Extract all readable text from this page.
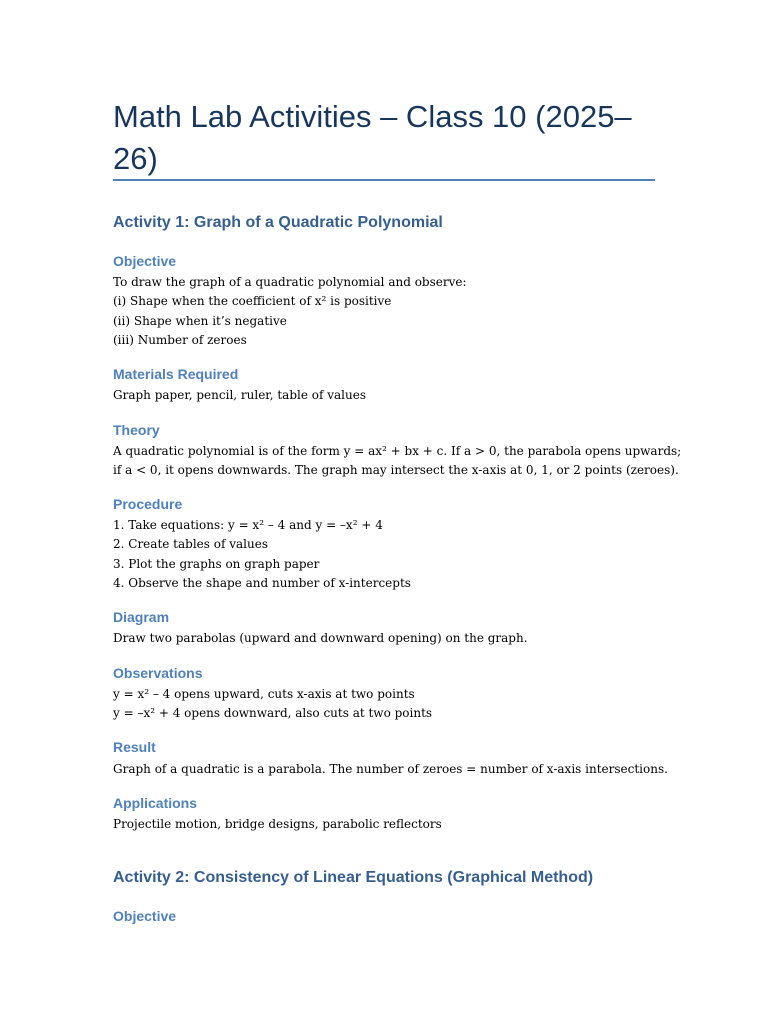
Math Lab Activities – Class 10 (2025–26)
Activity 1: Graph of a Quadratic Polynomial
Objective
To draw the graph of a quadratic polynomial and observe:
(i) Shape when the coefficient of x² is positive
(ii) Shape when it’s negative
(iii) Number of zeroes
Materials Required
Graph paper, pencil, ruler, table of values
Theory
A quadratic polynomial is of the form y = ax² + bx + c. If a > 0, the parabola opens upwards;
if a < 0, it opens downwards. The graph may intersect the x-axis at 0, 1, or 2 points (zeroes).
Procedure
1. Take equations: y = x² – 4 and y = –x² + 4
2. Create tables of values
3. Plot the graphs on graph paper
4. Observe the shape and number of x-intercepts
Diagram
Draw two parabolas (upward and downward opening) on the graph.
Observations
y = x² – 4 opens upward, cuts x-axis at two points
y = –x² + 4 opens downward, also cuts at two points
Result
Graph of a quadratic is a parabola. The number of zeroes = number of x-axis intersections.
Applications
Projectile motion, bridge designs, parabolic reflectors
Activity 2: Consistency of Linear Equations (Graphical Method)
Objective
